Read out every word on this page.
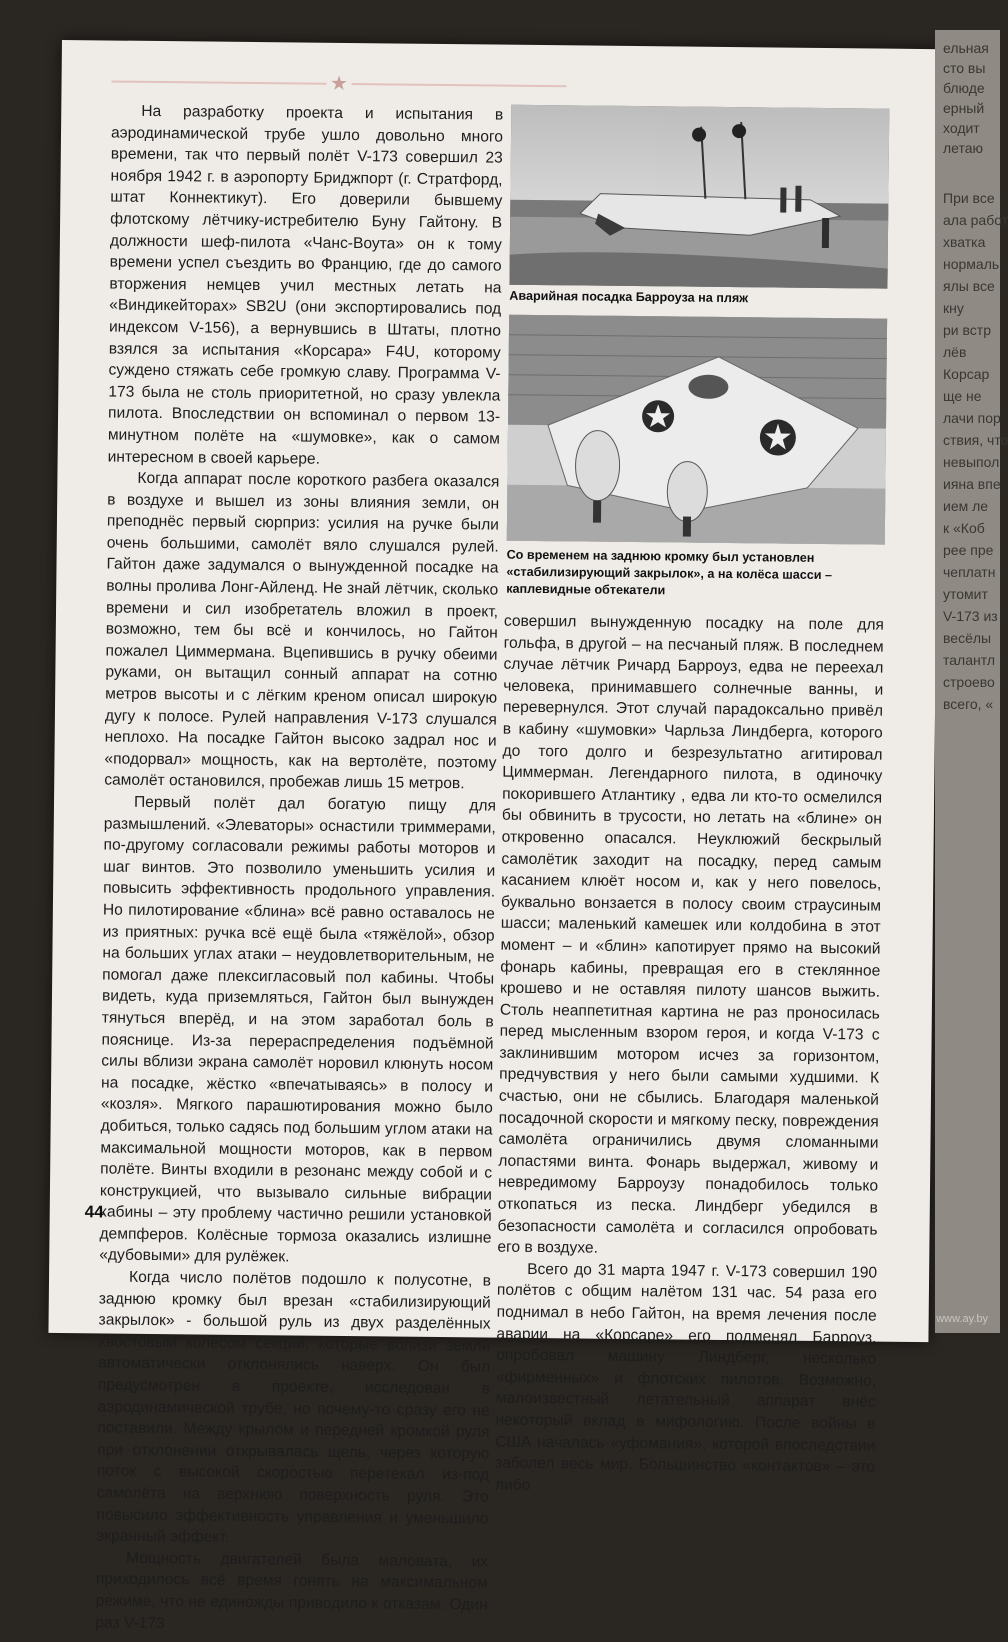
★

На разработку проекта и испытания в аэродинамической трубе ушло довольно много времени, так что первый полёт V-173 совершил 23 ноября 1942 г. в аэропорту Бриджпорт (г. Стратфорд, штат Коннектикут). Его доверили бывшему флотскому лётчику-истребителю Буну Гайтону. В должности шеф-пилота «Чанс-Воута» он к тому времени успел съездить во Францию, где до самого вторжения немцев учил местных летать на «Виндикейторах» SB2U (они экспортировались под индексом V-156), а вернувшись в Штаты, плотно взялся за испытания «Корсара» F4U, которому суждено стяжать себе громкую славу. Программа V-173 была не столь приоритетной, но сразу увлекла пилота. Впоследствии он вспоминал о первом 13-минутном полёте на «шумовке», как о самом интересном в своей карьере.

Когда аппарат после короткого разбега оказался в воздухе и вышел из зоны влияния земли, он преподнёс первый сюрприз: усилия на ручке были очень большими, самолёт вяло слушался рулей. Гайтон даже задумался о вынужденной посадке на волны пролива Лонг-Айленд. Не знай лётчик, сколько времени и сил изобретатель вложил в проект, возможно, тем бы всё и кончилось, но Гайтон пожалел Циммермана. Вцепившись в ручку обеими руками, он вытащил сонный аппарат на сотню метров высоты и с лёгким креном описал широкую дугу к полосе. Рулей направления V-173 слушался неплохо. На посадке Гайтон высоко задрал нос и «подорвал» мощность, как на вертолёте, поэтому самолёт остановился, пробежав лишь 15 метров.

Первый полёт дал богатую пищу для размышлений. «Элеваторы» оснастили триммерами, по-другому согласовали режимы работы моторов и шаг винтов. Это позволило уменьшить усилия и повысить эффективность продольного управления. Но пилотирование «блина» всё равно оставалось не из приятных: ручка всё ещё была «тяжёлой», обзор на больших углах атаки – неудовлетворительным, не помогал даже плексигласовый пол кабины. Чтобы видеть, куда приземляться, Гайтон был вынужден тянуться вперёд, и на этом заработал боль в пояснице. Из-за перераспределения подъёмной силы вблизи экрана самолёт норовил клюнуть носом на посадке, жёстко «впечатываясь» в полосу и «козля». Мягкого парашютирования можно было добиться, только садясь под большим углом атаки на максимальной мощности моторов, как в первом полёте. Винты входили в резонанс между собой и с конструкцией, что вызывало сильные вибрации кабины – эту проблему частично решили установкой демпферов. Колёсные тормоза оказались излишне «дубовыми» для рулёжек.

Когда число полётов подошло к полусотне, в заднюю кромку был врезан «стабилизирующий закрылок» - большой руль из двух разделённых хвостовым колесом секций, которые вблизи земли автоматически отклонялись наверх. Он был предусмотрен в проекте, исследован в аэродинамической трубе, но почему-то сразу его не поставили. Между крылом и передней кромкой руля при отклонении открывалась щель, через которую поток с высокой скоростью перетекал из-под самолёта на верхнюю поверхность руля. Это повысило эффективность управления и уменьшило экранный эффект.

Мощность двигателей была маловата, их приходилось всё время гонять на максимальном режиме, что не единожды приводило к отказам. Один раз V-173

Аварийная посадка Барроуза на пляж
Со временем на заднюю кромку был установлен «стабилизирующий закрылок», а на колёса шасси – каплевидные обтекатели

совершил вынужденную посадку на поле для гольфа, в другой – на песчаный пляж. В последнем случае лётчик Ричард Барроуз, едва не переехал человека, принимавшего солнечные ванны, и перевернулся. Этот случай парадоксально привёл в кабину «шумовки» Чарльза Линдберга, которого до того долго и безрезультатно агитировал Циммерман. Легендарного пилота, в одиночку покорившего Атлантику , едва ли кто-то осмелился бы обвинить в трусости, но летать на «блине» он откровенно опасался. Неуклюжий бескрылый самолётик заходит на посадку, перед самым касанием клюёт носом и, как у него повелось, буквально вонзается в полосу своим страусиным шасси; маленький камешек или колдобина в этот момент – и «блин» капотирует прямо на высокий фонарь кабины, превращая его в стеклянное крошево и не оставляя пилоту шансов выжить. Столь неаппетитная картина не раз проносилась перед мысленным взором героя, и когда V-173 с заклинившим мотором исчез за горизонтом, предчувствия у него были самыми худшими. К счастью, они не сбылись. Благодаря маленькой посадочной скорости и мягкому песку, повреждения самолёта ограничились двумя сломанными лопастями винта. Фонарь выдержал, живому и невредимому Барроузу понадобилось только откопаться из песка. Линдберг убедился в безопасности самолёта и согласился опробовать его в воздухе.

Всего до 31 марта 1947 г. V-173 совершил 190 полётов с общим налётом 131 час. 54 раза его поднимал в небо Гайтон, на время лечения после аварии на «Корсаре» его подменял Барроуз, опробовал машину Линдберг, несколько «фирменных» и флотских пилотов. Возможно, малоизвестный летательный аппарат внёс некоторый вклад в мифологию. После войны в США началась «уфомания», которой впоследствии заболел весь мир. Большинство «контактов» – это либо

44
ельная
сто вы
блюде
ерный
ходит
летаю
При все
ала работ
хватка
нормаль
ялы все
кну
ри встр
лёв
Корсар
ще не
лачи пор
ствия, что
невыпол
ияна впе
ием ле
к «Коб
рее пре
чеплатн
утомит
V-173 из
весёлы
талантл
строево
всего, «
www.ay.by
